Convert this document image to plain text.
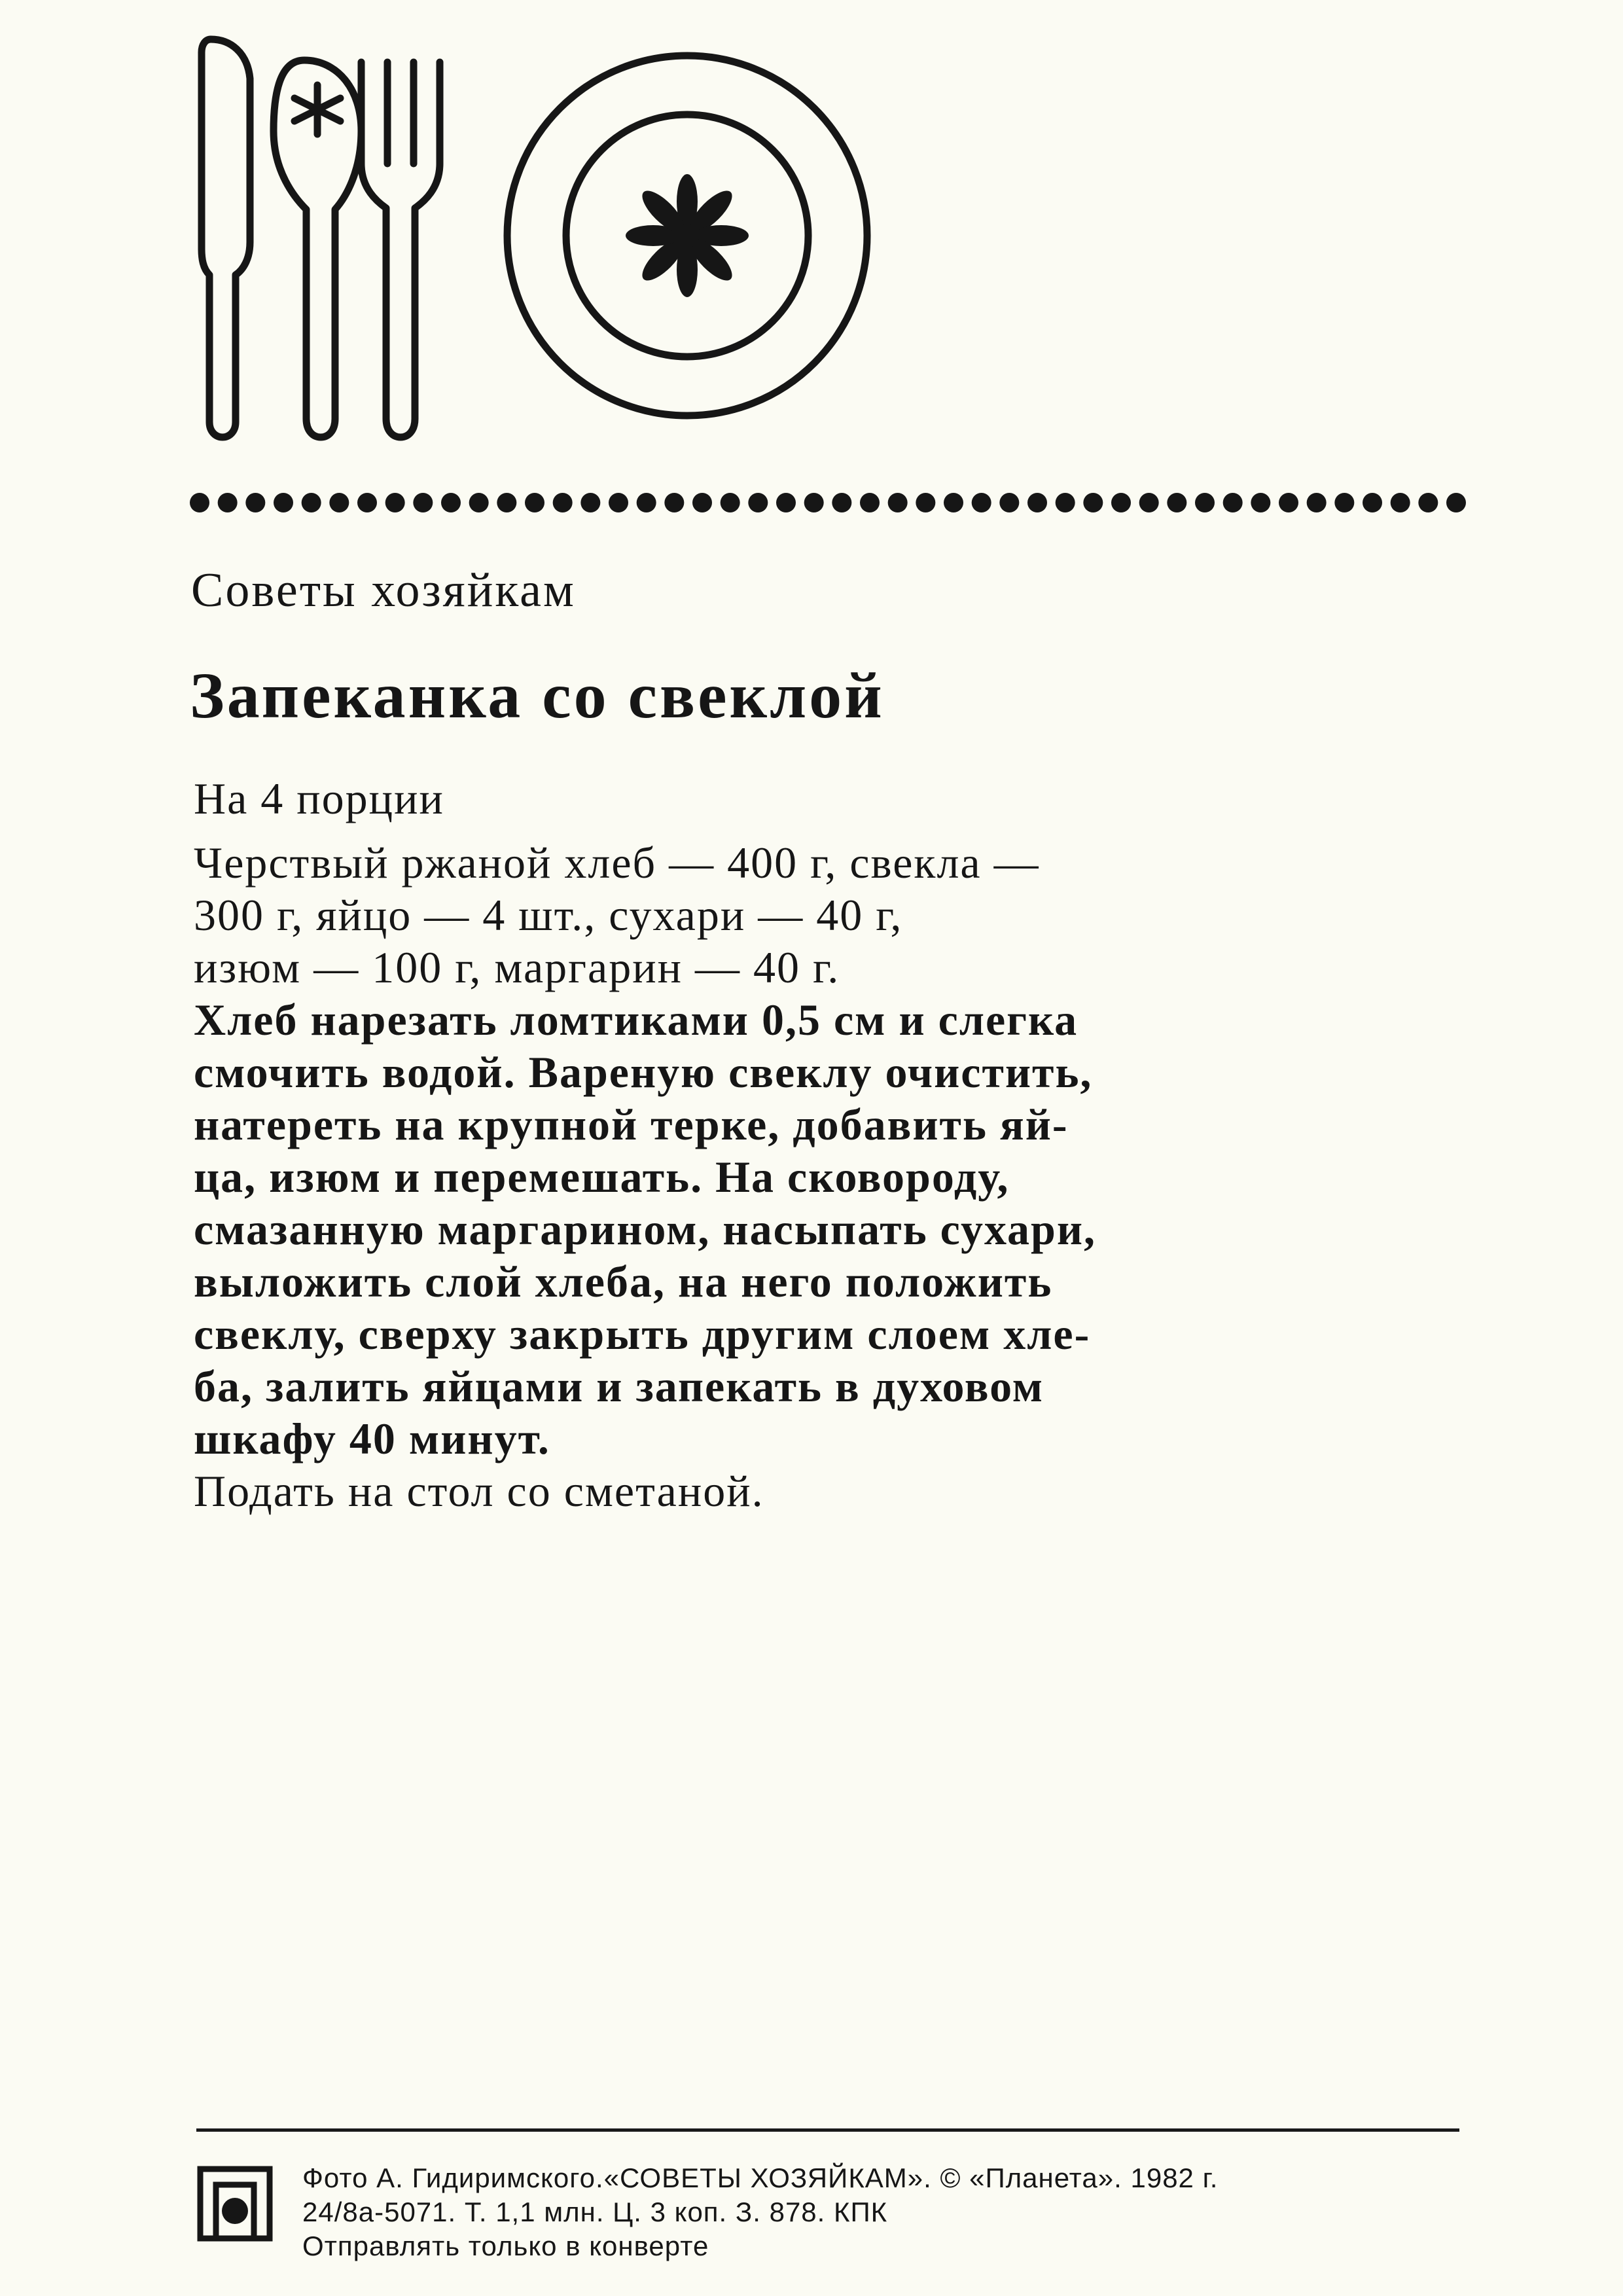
Советы хозяйкам
Запеканка со свеклой
На 4 порции
Черствый ржаной хлеб — 400 г, свекла —
300 г, яйцо — 4 шт., сухари — 40 г,
изюм — 100 г, маргарин — 40 г.
Хлеб нарезать ломтиками 0,5 см и слегка
смочить водой. Вареную свеклу очистить,
натереть на крупной терке, добавить яй-
ца, изюм и перемешать. На сковороду,
смазанную маргарином, насыпать сухари,
выложить слой хлеба, на него положить
свеклу, сверху закрыть другим слоем хле-
ба, залить яйцами и запекать в духовом
шкафу 40 минут.
Подать на стол со сметаной.
Фото А. Гидиримского.«СОВЕТЫ ХОЗЯЙКАМ». © «Планета». 1982 г.
24/8а-5071. Т. 1,1 млн. Ц. 3 коп. З. 878. КПК
Отправлять только в конверте
